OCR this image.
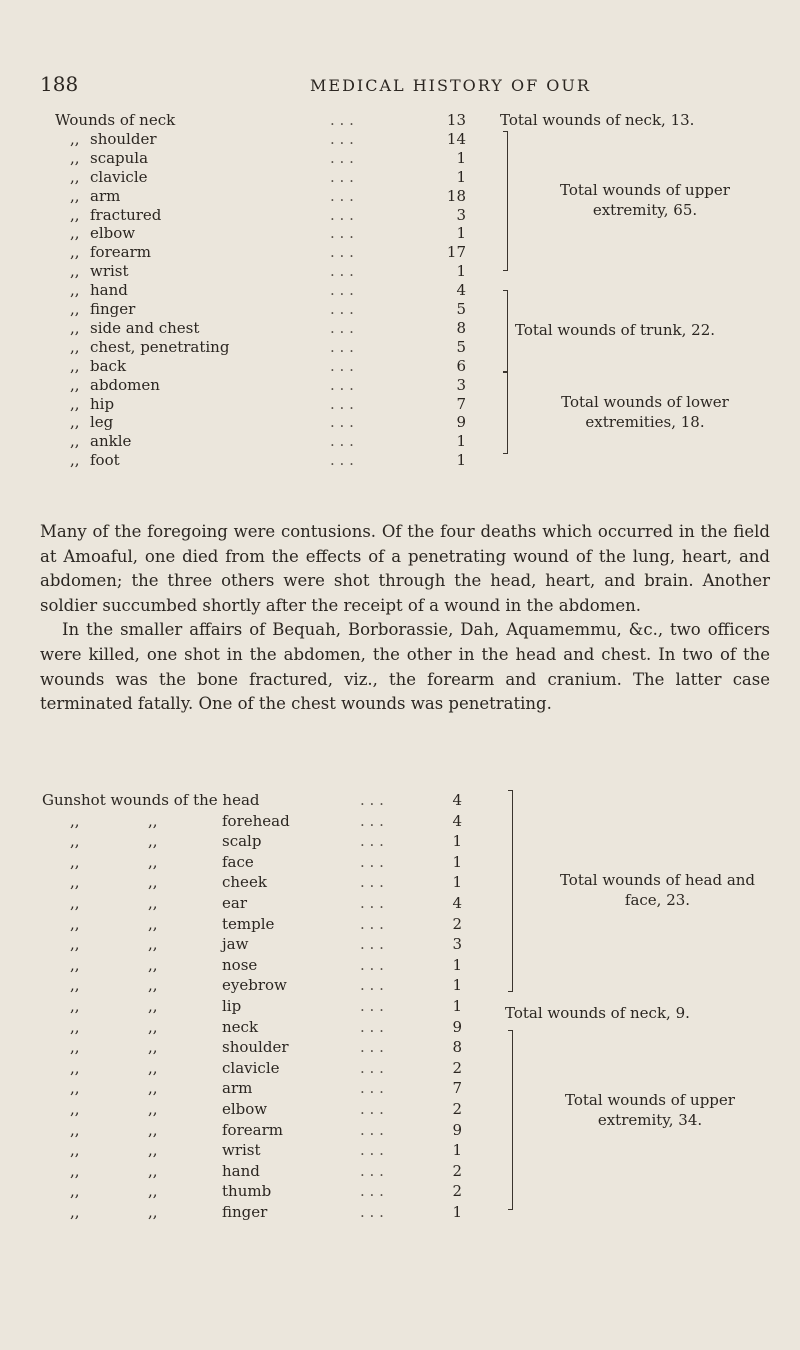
188	MEDICAL HISTORY OF OUR
Wounds of neck	. . .	13
,, shoulder	. . .	14
,, scapula	. . .	1
,, clavicle	. . .	1
,, arm	. . .	18
,, fractured	. . .	3
,, elbow	. . .	1
,, forearm	. . .	17
,, wrist	. . .	1
,, hand	. . .	4
,, finger	. . .	5
,, side and chest	. . .	8
,, chest, penetrating	. . .	5
,, back	. . .	6
,, abdomen	. . .	3
,, hip	. . .	7
,, leg	. . .	9
,, ankle	. . .	1
,, foot	. . .	1
Total wounds of neck, 13.
Total wounds of upper
extremity, 65.
Total wounds of trunk, 22.
Total wounds of lower
extremities, 18.

Many of the foregoing were contusions. Of the four deaths which occurred in the field at Amoaful, one died from the effects of a penetrating wound of the lung, heart, and abdomen; the three others were shot through the head, heart, and brain. Another soldier succumbed shortly after the receipt of a wound in the abdomen.

In the smaller affairs of Bequah, Borborassie, Dah, Aquamemmu, &c., two officers were killed, one shot in the abdomen, the other in the head and chest. In two of the wounds was the bone fractured, viz., the forearm and cranium. The latter case terminated fatally. One of the chest wounds was penetrating.

Gunshot wounds of the head	. . .	4
,,	,,	forehead	. . .	4
,,	,,	scalp	. . .	1
,,	,,	face	. . .	1
,,	,,	cheek	. . .	1
,,	,,	ear	. . .	4
,,	,,	temple	. . .	2
,,	,,	jaw	. . .	3
,,	,,	nose	. . .	1
,,	,,	eyebrow	. . .	1
,,	,,	lip	. . .	1
,,	,,	neck	. . .	9
,,	,,	shoulder	. . .	8
,,	,,	clavicle	. . .	2
,,	,,	arm	. . .	7
,,	,,	elbow	. . .	2
,,	,,	forearm	. . .	9
,,	,,	wrist	. . .	1
,,	,,	hand	. . .	2
,,	,,	thumb	. . .	2
,,	,,	finger	. . .	1
Total wounds of head and
face, 23.
Total wounds of neck, 9.
Total wounds of upper
extremity, 34.
